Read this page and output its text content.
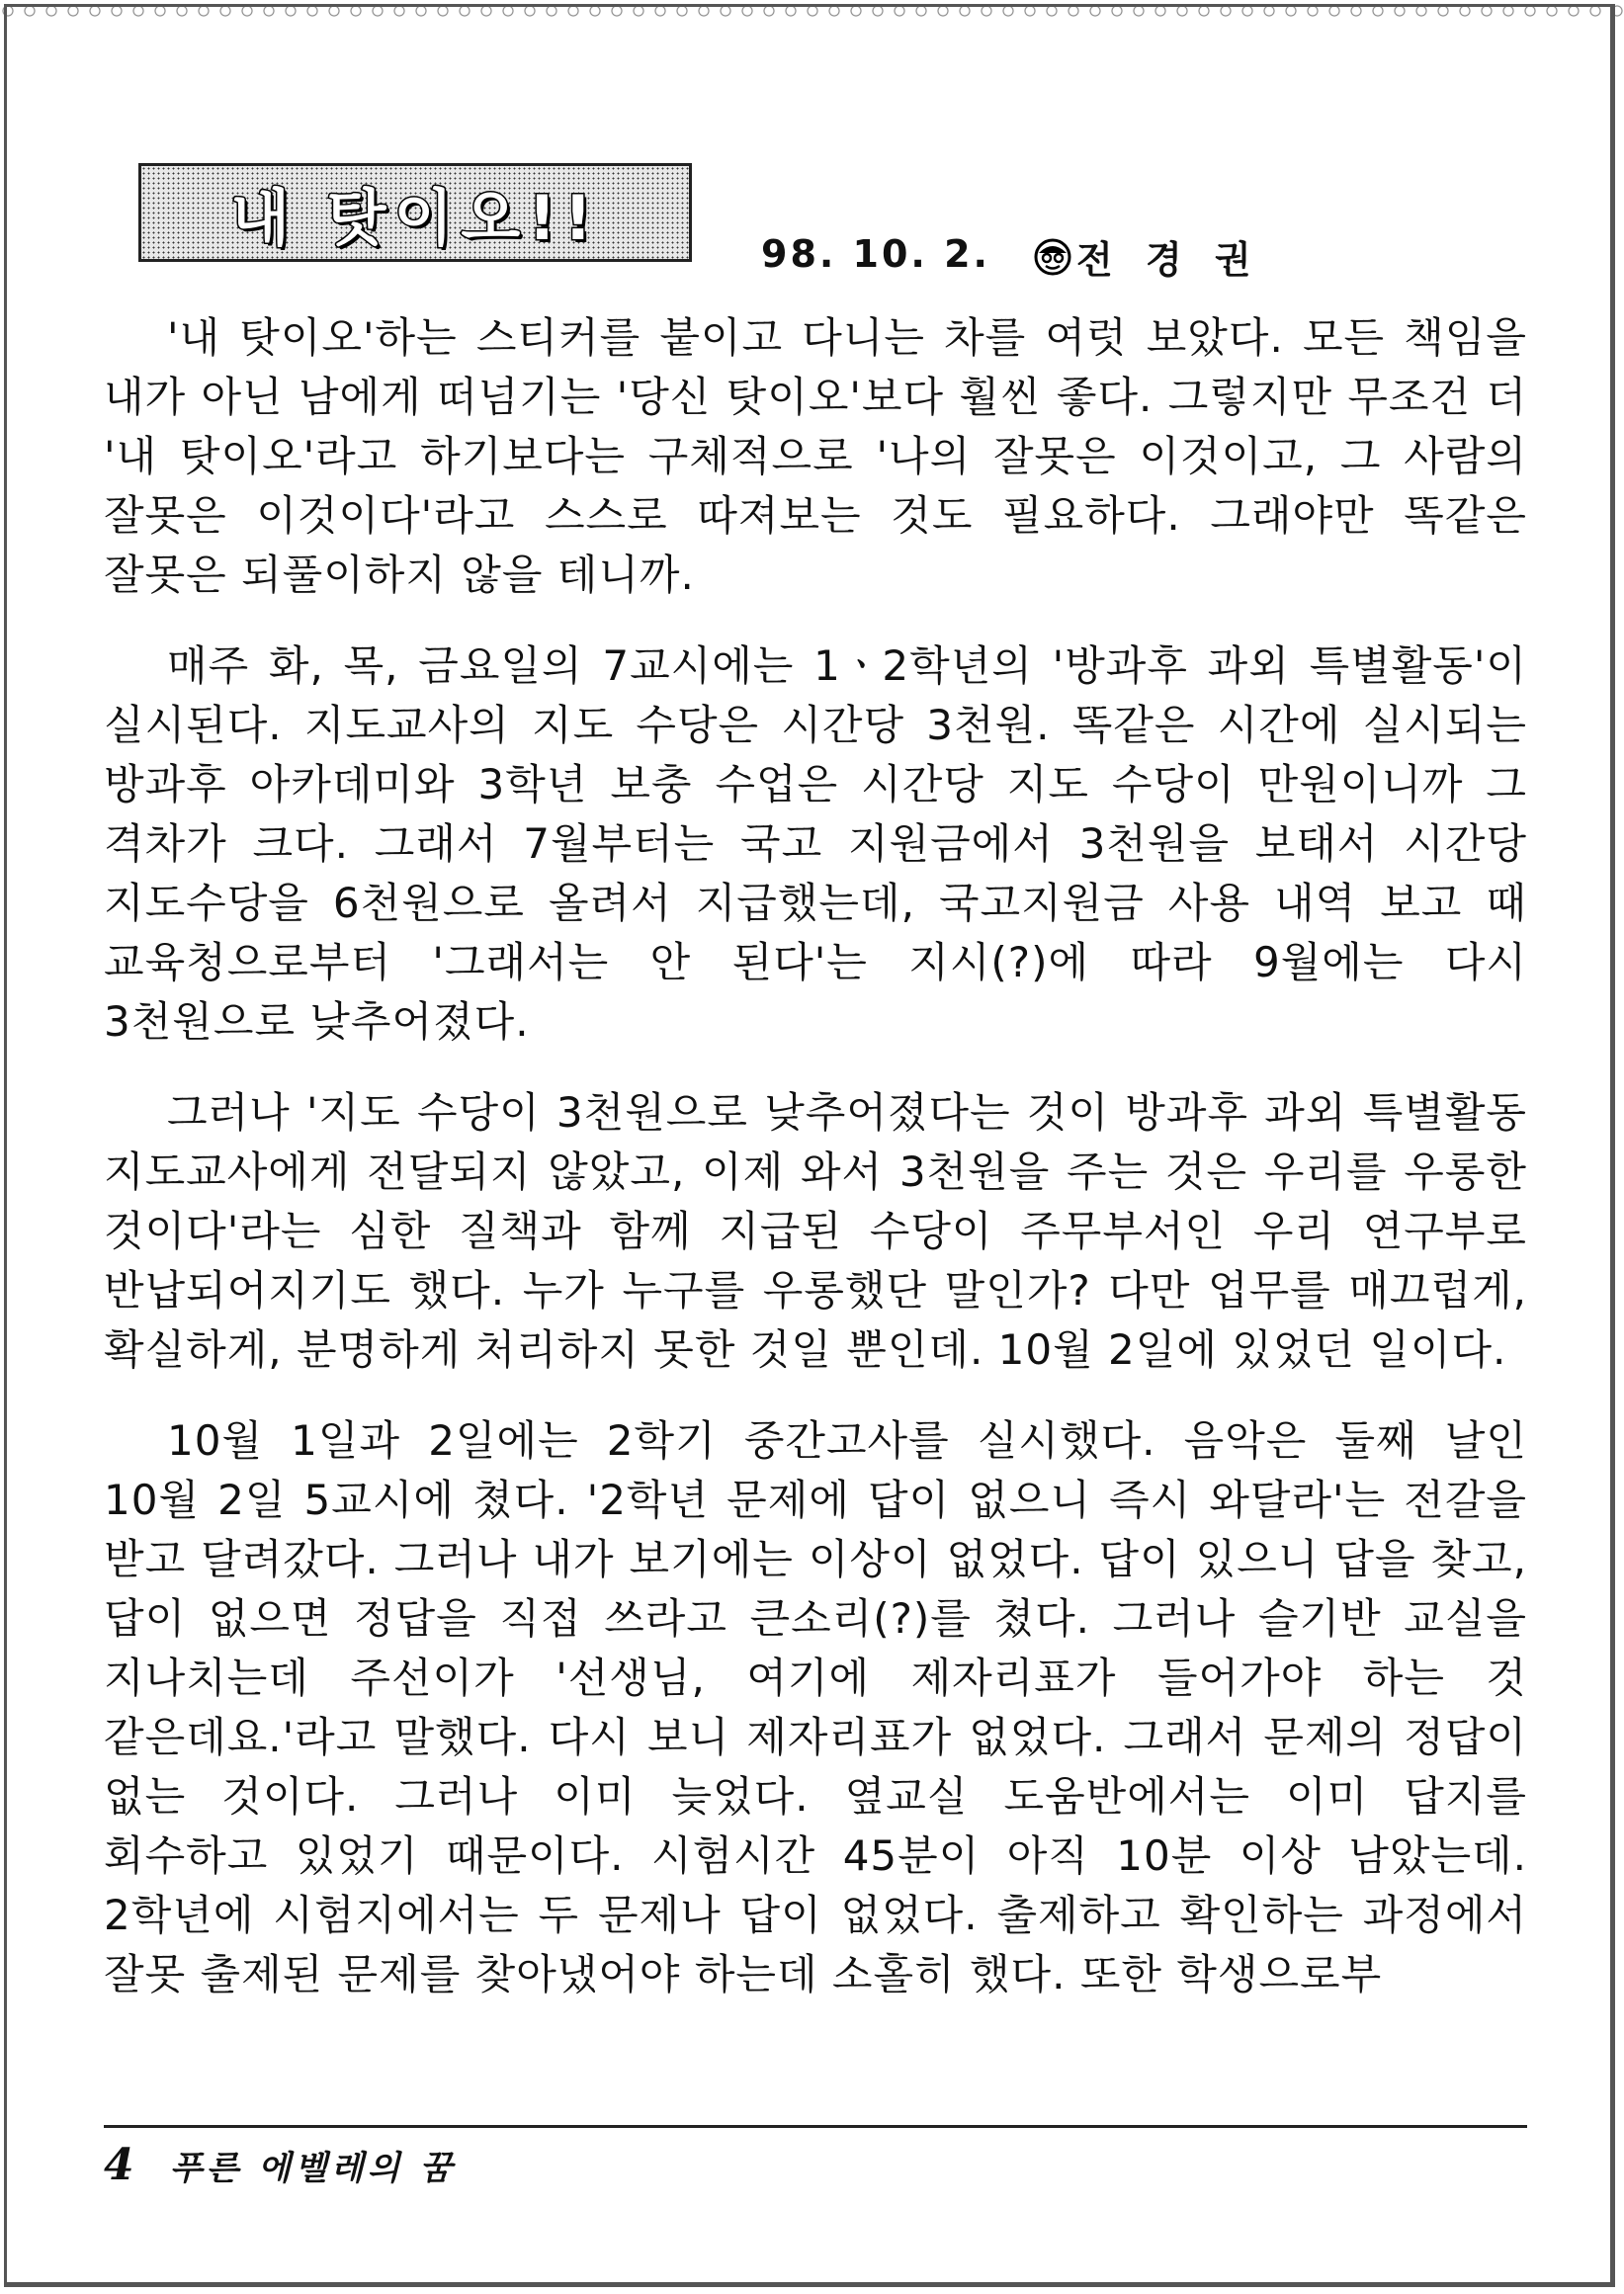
내 탓이오!!
98. 10. 2. 전 경 권

'내 탓이오'하는 스티커를 붙이고 다니는 차를 여럿 보았다. 모든 책임을 내가 아닌 남에게 떠넘기는 '당신 탓이오'보다 훨씬 좋다. 그렇지만 무조건 더 '내 탓이오'라고 하기보다는 구체적으로 '나의 잘못은 이것이고, 그 사람의 잘못은 이것이다'라고 스스로 따져보는 것도 필요하다. 그래야만 똑같은 잘못은 되풀이하지 않을 테니까.

매주 화, 목, 금요일의 7교시에는 1ㆍ2학년의 '방과후 과외 특별활동'이 실시된다. 지도교사의 지도 수당은 시간당 3천원. 똑같은 시간에 실시되는 방과후 아카데미와 3학년 보충 수업은 시간당 지도 수당이 만원이니까 그 격차가 크다. 그래서 7월부터는 국고 지원금에서 3천원을 보태서 시간당 지도수당을 6천원으로 올려서 지급했는데, 국고지원금 사용 내역 보고 때 교육청으로부터 '그래서는 안 된다'는 지시(?)에 따라 9월에는 다시 3천원으로 낮추어졌다.

그러나 '지도 수당이 3천원으로 낮추어졌다는 것이 방과후 과외 특별활동 지도교사에게 전달되지 않았고, 이제 와서 3천원을 주는 것은 우리를 우롱한 것이다'라는 심한 질책과 함께 지급된 수당이 주무부서인 우리 연구부로 반납되어지기도 했다. 누가 누구를 우롱했단 말인가? 다만 업무를 매끄럽게, 확실하게, 분명하게 처리하지 못한 것일 뿐인데. 10월 2일에 있었던 일이다.

10월 1일과 2일에는 2학기 중간고사를 실시했다. 음악은 둘째 날인 10월 2일 5교시에 쳤다. '2학년 문제에 답이 없으니 즉시 와달라'는 전갈을 받고 달려갔다. 그러나 내가 보기에는 이상이 없었다. 답이 있으니 답을 찾고, 답이 없으면 정답을 직접 쓰라고 큰소리(?)를 쳤다. 그러나 슬기반 교실을 지나치는데 주선이가 '선생님, 여기에 제자리표가 들어가야 하는 것 같은데요.'라고 말했다. 다시 보니 제자리표가 없었다. 그래서 문제의 정답이 없는 것이다. 그러나 이미 늦었다. 옆교실 도움반에서는 이미 답지를 회수하고 있었기 때문이다. 시험시간 45분이 아직 10분 이상 남았는데. 2학년에 시험지에서는 두 문제나 답이 없었다. 출제하고 확인하는 과정에서 잘못 출제된 문제를 찾아냈어야 하는데 소홀히 했다. 또한 학생으로부

4 푸른 에벨레의 꿈
